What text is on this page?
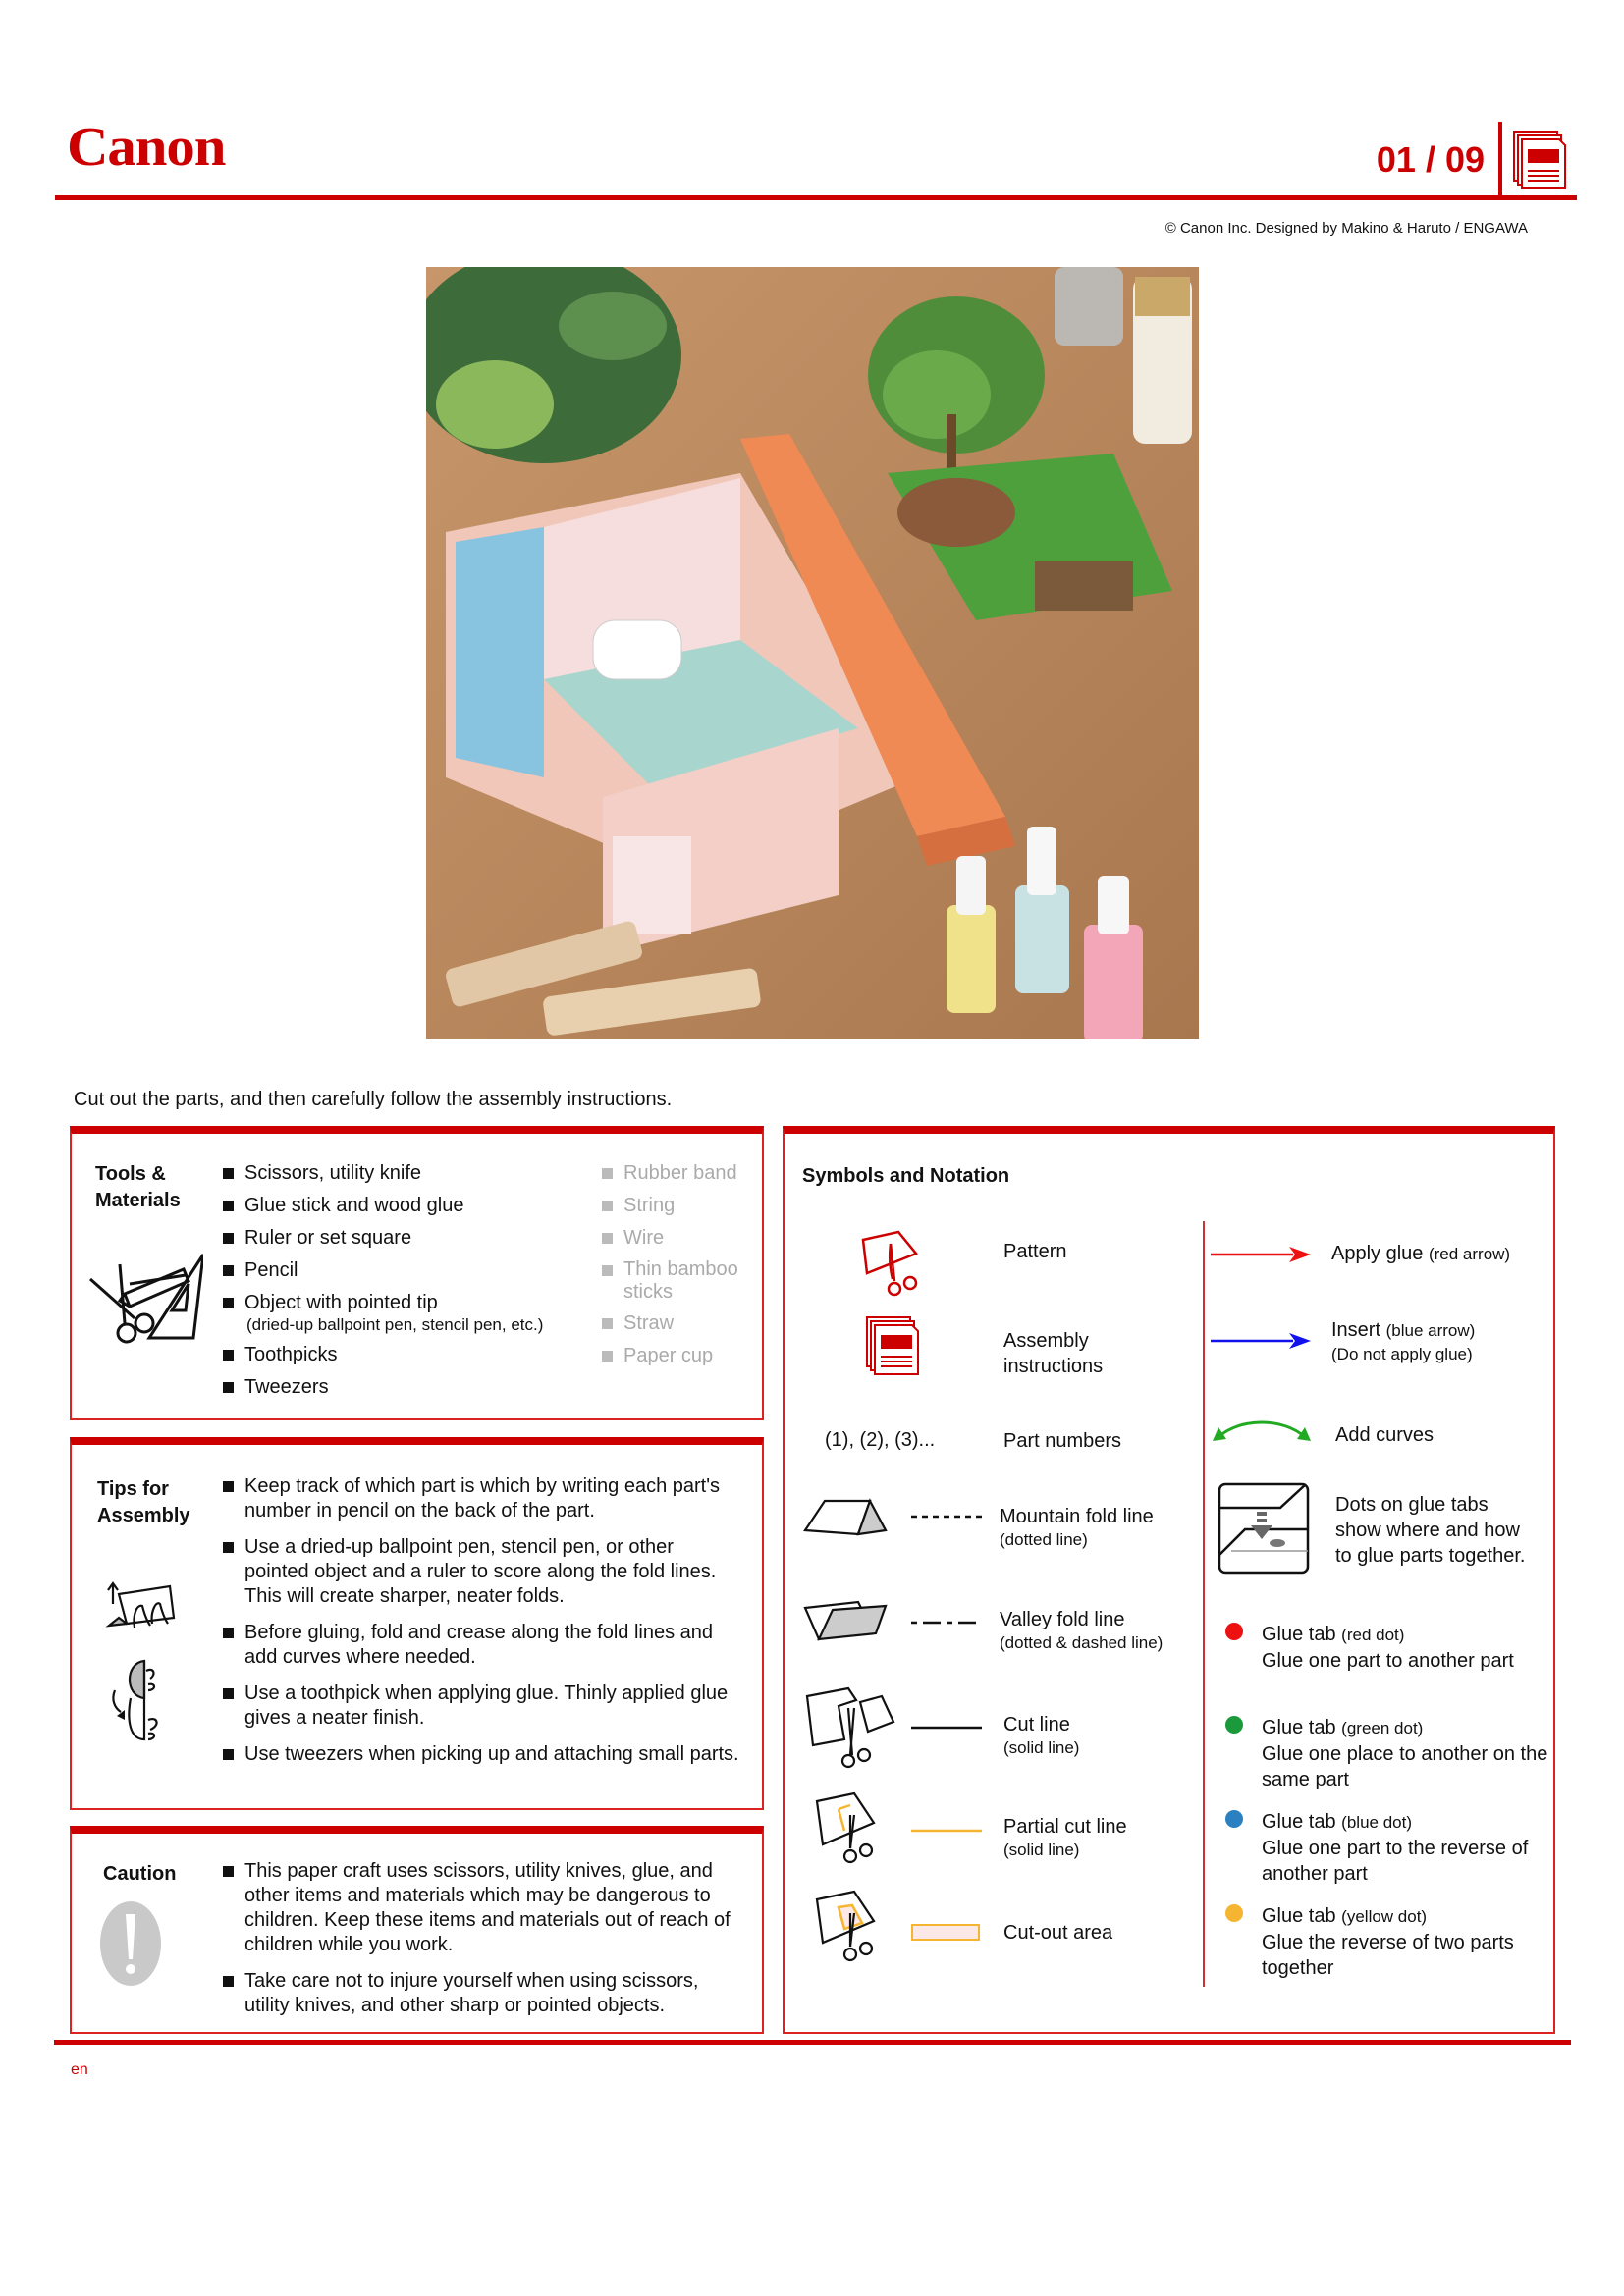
Canon	01 / 09
© Canon Inc. Designed by Makino & Haruto / ENGAWA
Cut out the parts, and then carefully follow the assembly instructions.
Tools &
Materials
Scissors, utility knife
Glue stick and wood glue
Ruler or set square
Pencil
Object with pointed tip
(dried-up ballpoint pen, stencil pen, etc.)
Toothpicks
Tweezers
Rubber band
String
Wire
Thin bamboo sticks
Straw
Paper cup
Tips for
Assembly
Keep track of which part is which by writing each part's number in pencil on the back of the part.
Use a dried-up ballpoint pen, stencil pen, or other pointed object and a ruler to score along the fold lines. This will create sharper, neater folds.
Before gluing, fold and crease along the fold lines and add curves where needed.
Use a toothpick when applying glue. Thinly applied glue gives a neater finish.
Use tweezers when picking up and attaching small parts.
Caution	This paper craft uses scissors, utility knives, glue, and other items and materials which may be dangerous to children. Keep these items and materials out of reach of children while you work.
Take care not to injure yourself when using scissors, utility knives, and other sharp or pointed objects.
Symbols and Notation
Pattern
Assembly instructions
(1), (2), (3)...	Part numbers
Mountain fold line
(dotted line)
Valley fold line
(dotted & dashed line)
Cut line
(solid line)
Partial cut line
(solid line)
Cut-out area
Apply glue (red arrow)
Insert (blue arrow)
(Do not apply glue)
Add curves
Dots on glue tabs
show where and how
to glue parts together.
Glue tab (red dot)
Glue one part to another part
Glue tab (green dot)
Glue one place to another on the same part
Glue tab (blue dot)
Glue one part to the reverse of another part
Glue tab (yellow dot)
Glue the reverse of two parts together
en
